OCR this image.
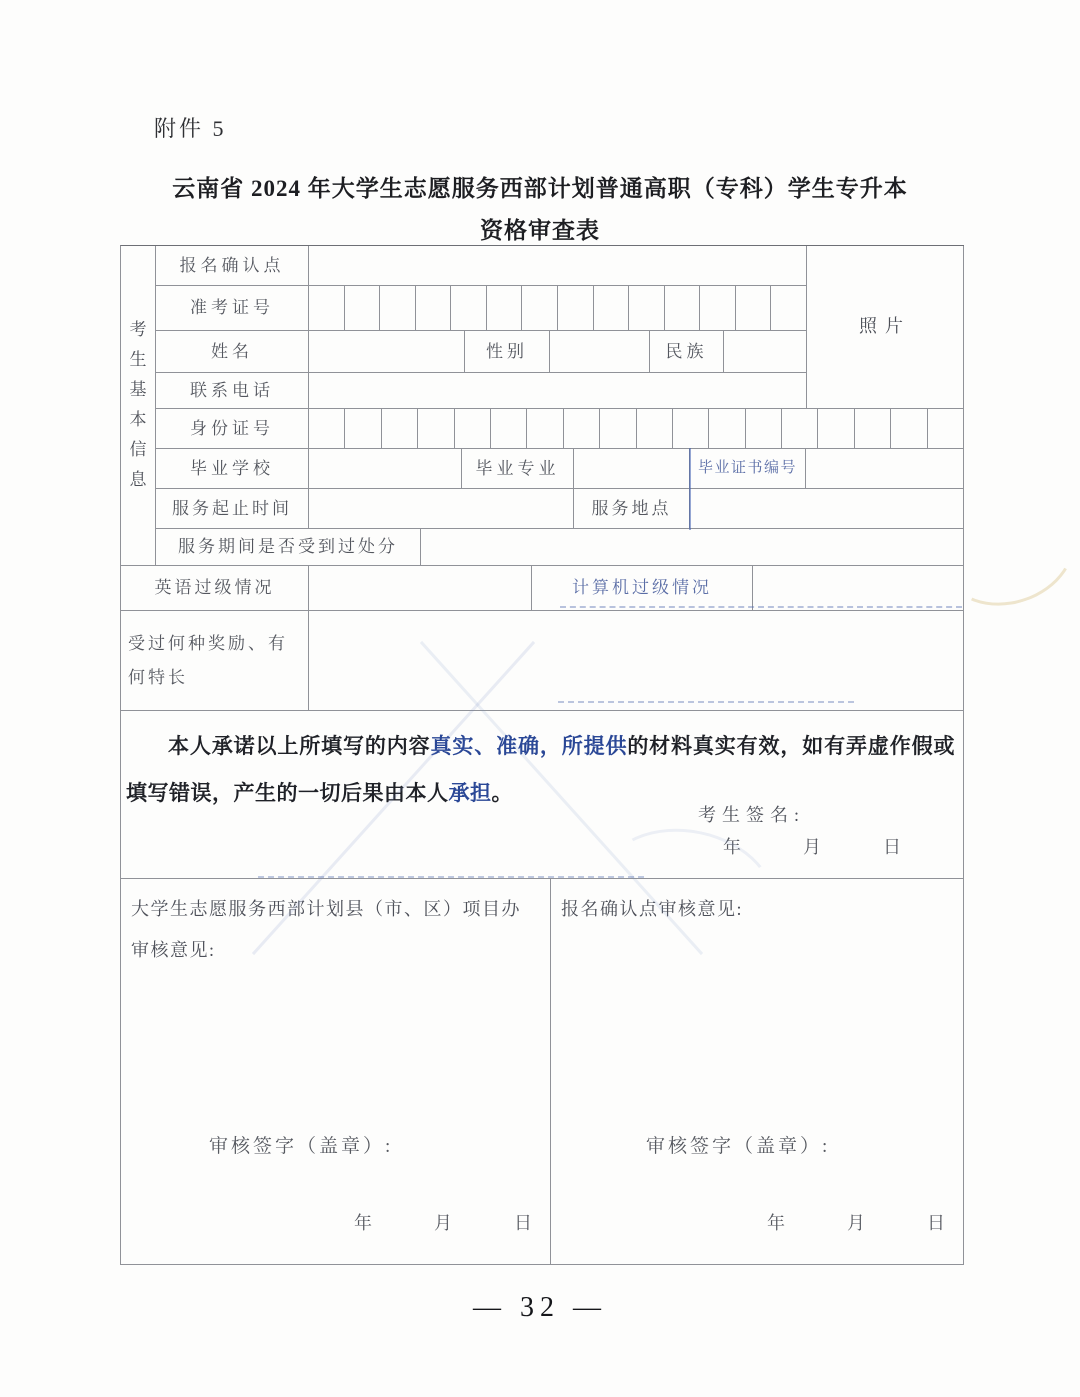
附件 5
云南省 2024 年大学生志愿服务西部计划普通高职（专科）学生专升本
资格审查表
考
生
基
本
信
息
报名确认点
照片
准考证号
姓名	性别	民族
联系电话
身份证号
毕业学校	毕业专业	毕业证书编号
服务起止时间	服务地点
服务期间是否受到过处分
英语过级情况	计算机过级情况
受过何种奖励、有何特长

本人承诺以上所填写的内容真实、准确，所提供的材料真实有效，如有弄虚作假或填写错误，产生的一切后果由本人承担。

考生签名:
年　　　月　　　日
大学生志愿服务西部计划县（市、区）项目办审核意见:
审核签字（盖章）:
年　　　月　　　日
报名确认点审核意见:
审核签字（盖章）:
年　　　月　　　日
— 32 —
